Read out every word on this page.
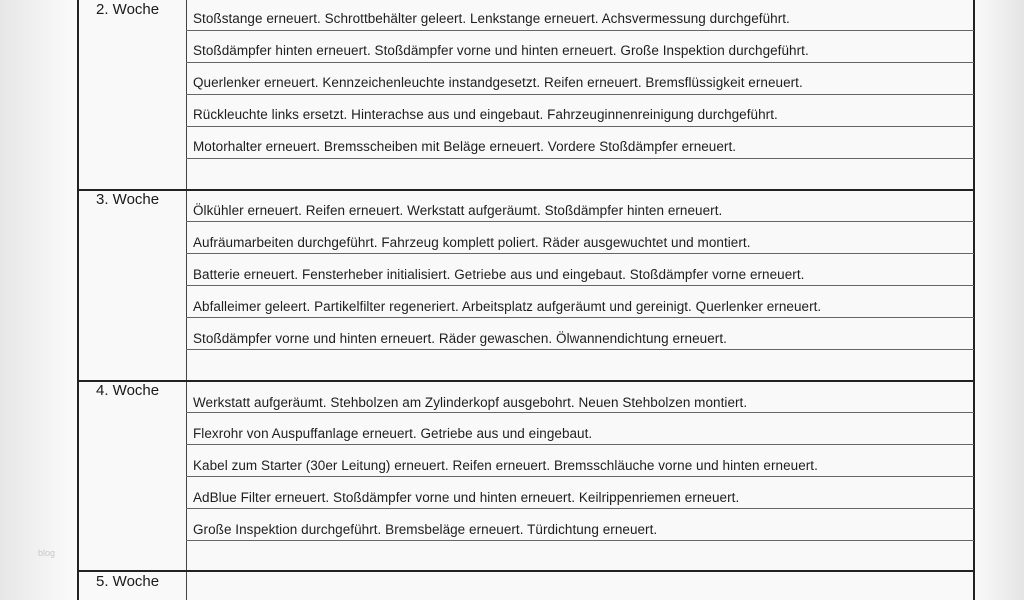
2. Woche
Stoßstange erneuert. Schrottbehälter geleert. Lenkstange erneuert. Achsvermessung durchgeführt.
Stoßdämpfer hinten erneuert. Stoßdämpfer vorne und hinten erneuert. Große Inspektion durchgeführt.
Querlenker erneuert. Kennzeichenleuchte instandgesetzt. Reifen erneuert. Bremsflüssigkeit erneuert.
Rückleuchte links ersetzt. Hinterachse aus und eingebaut. Fahrzeuginnenreinigung durchgeführt.
Motorhalter erneuert. Bremsscheiben mit Beläge erneuert. Vordere Stoßdämpfer erneuert.
3. Woche
Ölkühler erneuert. Reifen erneuert. Werkstatt aufgeräumt. Stoßdämpfer hinten erneuert.
Aufräumarbeiten durchgeführt. Fahrzeug komplett poliert. Räder ausgewuchtet und montiert.
Batterie erneuert. Fensterheber initialisiert. Getriebe aus und eingebaut. Stoßdämpfer vorne erneuert.
Abfalleimer geleert. Partikelfilter regeneriert. Arbeitsplatz aufgeräumt und gereinigt. Querlenker erneuert.
Stoßdämpfer vorne und hinten erneuert. Räder gewaschen. Ölwannendichtung erneuert.
4. Woche
Werkstatt aufgeräumt. Stehbolzen am Zylinderkopf ausgebohrt. Neuen Stehbolzen montiert.
Flexrohr von Auspuffanlage erneuert. Getriebe aus und eingebaut.
Kabel zum Starter (30er Leitung) erneuert. Reifen erneuert. Bremsschläuche vorne und hinten erneuert.
AdBlue Filter erneuert. Stoßdämpfer vorne und hinten erneuert. Keilrippenriemen erneuert.
Große Inspektion durchgeführt. Bremsbeläge erneuert. Türdichtung erneuert.
5. Woche
blog
